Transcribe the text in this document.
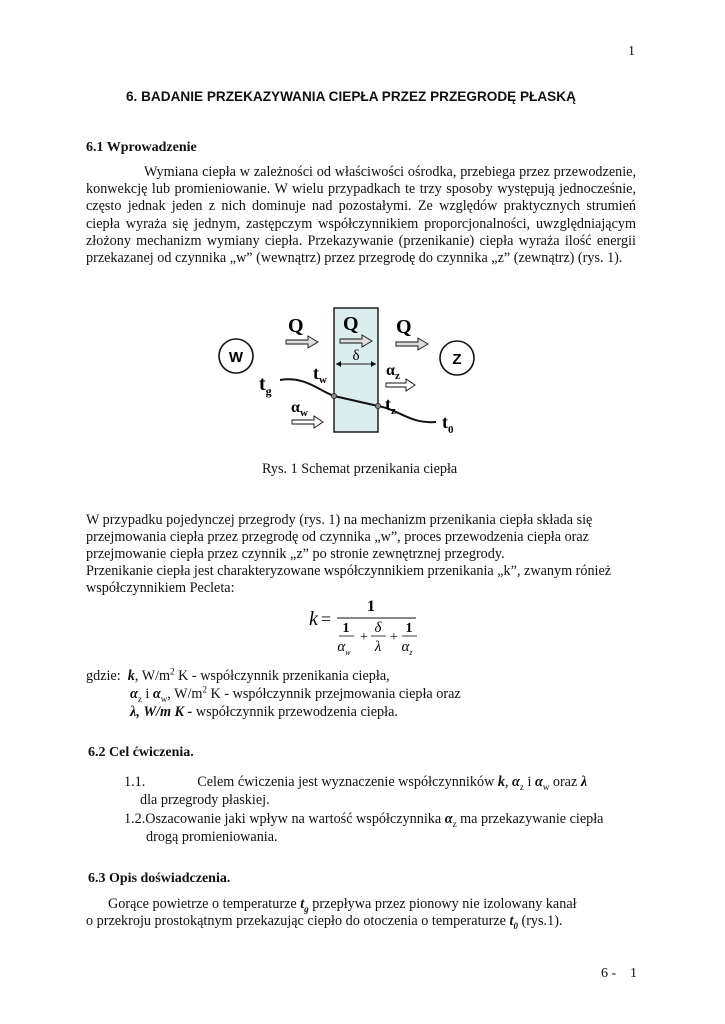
1
6. BADANIE PRZEKAZYWANIA CIEPŁA PRZEZ PRZEGRODĘ PŁASKĄ
6.1 Wprowadzenie
Wymiana ciepła w zależności od właściwości ośrodka, przebiega przez przewodzenie, konwekcję lub promieniowanie. W wielu przypadkach te trzy sposoby występują jednocześnie, często jednak jeden z nich dominuje nad pozostałymi. Ze względów praktycznych strumień ciepła wyraża się jednym, zastępczym współczynnikiem proporcjonalności, uwzględniającym złożony mechanizm wymiany ciepła. Przekazywanie (przenikanie) ciepła wyraża ilość energii przekazanej od czynnika „w” (wewnątrz) przez przegrodę do czynnika „z” (zewnątrz) (rys. 1).
Q Q Q
W	Z
δ
$t_w$
$t_g$
$\alpha_z$
$\alpha_w$	$t_z$
$t_0$
Rys. 1 Schemat przenikania ciepła
W przypadku pojedynczej przegrody (rys. 1) na mechanizm przenikania ciepła składa się
przejmowania ciepła przez przegrodę od czynnika „w”, proces przewodzenia ciepła oraz
przejmowanie ciepła przez czynnik „z” po stronie zewnętrznej przegrody.
Przenikanie ciepła jest charakteryzowane współczynnikiem przenikania „k”, zwanym rónież
współczynnikiem Pecleta:
k =
1
1
$\alpha_w$
+
δ
λ
+
1
$\alpha_z$
gdzie: k, $W/m^2$ K - współczynnik przenikania ciepła,
$\alpha_z$ i $\alpha_w$, $W/m^2$ K - współczynnik przejmowania ciepła oraz
λ, W/m K - współczynnik przewodzenia ciepła.
6.2 Cel ćwiczenia.
1.1.	Celem ćwiczenia jest wyznaczenie współczynników k, $\alpha_z$ i $\alpha_w$ oraz λ
dla przegrody płaskiej.
1.2.Oszacowanie jaki wpływ na wartość współczynnika $\alpha_z$ ma przekazywanie ciepła
drogą promieniowania.
6.3 Opis doświadczenia.
Gorące powietrze o temperaturze $t_g$ przepływa przez pionowy nie izolowany kanał
o przekroju prostokątnym przekazując ciepło do otoczenia o temperaturze $t_0$ (rys.1).
6 - 1
